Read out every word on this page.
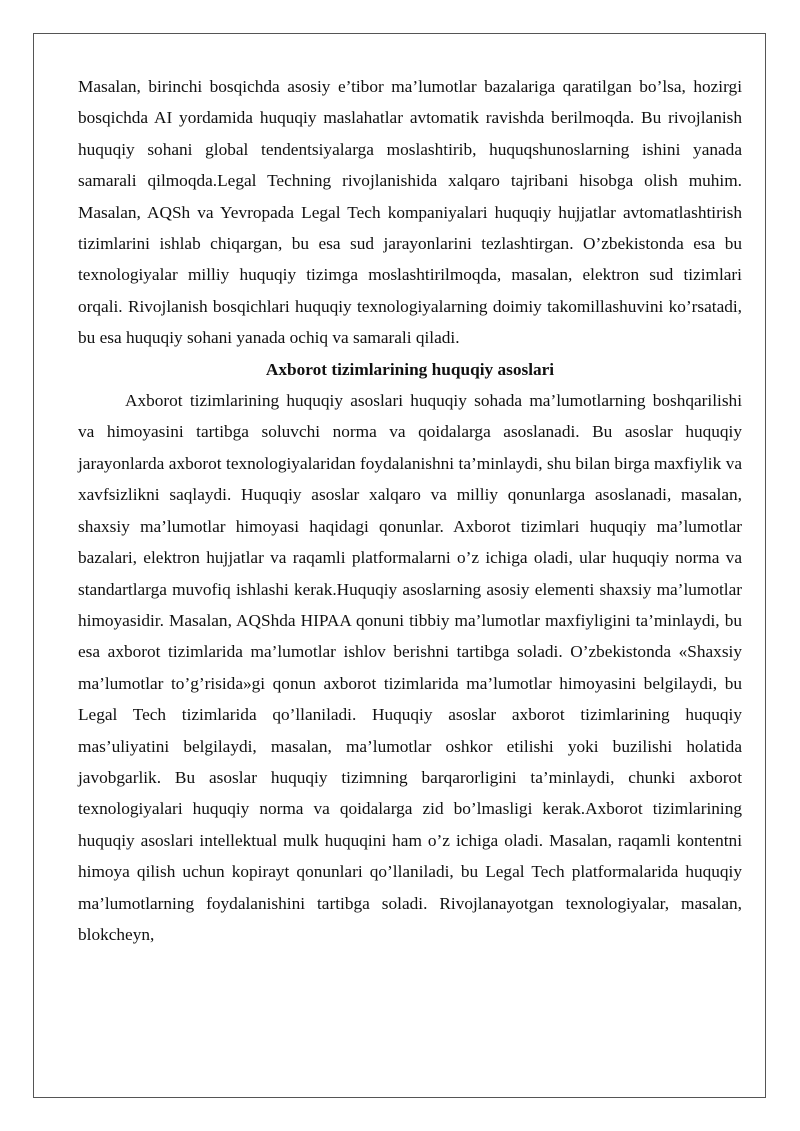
Masalan, birinchi bosqichda asosiy e’tibor ma’lumotlar bazalariga qaratilgan bo’lsa, hozirgi bosqichda AI yordamida huquqiy maslahatlar avtomatik ravishda berilmoqda. Bu rivojlanish huquqiy sohani global tendentsiyalarga moslashtirib, huquqshunoslarning ishini yanada samarali qilmoqda.Legal Techning rivojlanishida xalqaro tajribani hisobga olish muhim. Masalan, AQSh va Yevropada Legal Tech kompaniyalari huquqiy hujjatlar avtomatlashtirish tizimlarini ishlab chiqargan, bu esa sud jarayonlarini tezlashtirgan. O’zbekistonda esa bu texnologiyalar milliy huquqiy tizimga moslashtirilmoqda, masalan, elektron sud tizimlari orqali. Rivojlanish bosqichlari huquqiy texnologiyalarning doimiy takomillashuvini ko’rsatadi, bu esa huquqiy sohani yanada ochiq va samarali qiladi.

Axborot tizimlarining huquqiy asoslari

Axborot tizimlarining huquqiy asoslari huquqiy sohada ma’lumotlarning boshqarilishi va himoyasini tartibga soluvchi norma va qoidalarga asoslanadi. Bu asoslar huquqiy jarayonlarda axborot texnologiyalaridan foydalanishni ta’minlaydi, shu bilan birga maxfiylik va xavfsizlikni saqlaydi. Huquqiy asoslar xalqaro va milliy qonunlarga asoslanadi, masalan, shaxsiy ma’lumotlar himoyasi haqidagi qonunlar. Axborot tizimlari huquqiy ma’lumotlar bazalari, elektron hujjatlar va raqamli platformalarni o’z ichiga oladi, ular huquqiy norma va standartlarga muvofiq ishlashi kerak.Huquqiy asoslarning asosiy elementi shaxsiy ma’lumotlar himoyasidir. Masalan, AQShda HIPAA qonuni tibbiy ma’lumotlar maxfiyligini ta’minlaydi, bu esa axborot tizimlarida ma’lumotlar ishlov berishni tartibga soladi. O’zbekistonda «Shaxsiy ma’lumotlar to’g’risida»gi qonun axborot tizimlarida ma’lumotlar himoyasini belgilaydi, bu Legal Tech tizimlarida qo’llaniladi. Huquqiy asoslar axborot tizimlarining huquqiy mas’uliyatini belgilaydi, masalan, ma’lumotlar oshkor etilishi yoki buzilishi holatida javobgarlik. Bu asoslar huquqiy tizimning barqarorligini ta’minlaydi, chunki axborot texnologiyalari huquqiy norma va qoidalarga zid bo’lmasligi kerak.Axborot tizimlarining huquqiy asoslari intellektual mulk huquqini ham o’z ichiga oladi. Masalan, raqamli kontentni himoya qilish uchun kopirayt qonunlari qo’llaniladi, bu Legal Tech platformalarida huquqiy ma’lumotlarning foydalanishini tartibga soladi. Rivojlanayotgan texnologiyalar, masalan, blokcheyn,
